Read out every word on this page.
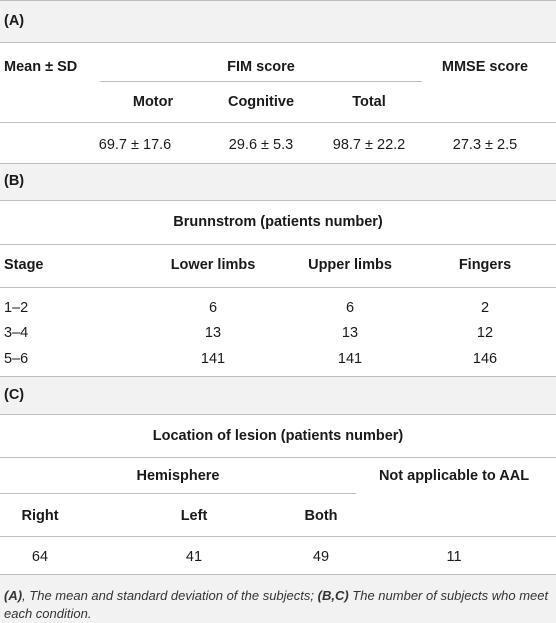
(A)
Mean ± SD	FIM score	MMSE score
Motor	Cognitive	Total
69.7 ± 17.6	29.6 ± 5.3	98.7 ± 22.2	27.3 ± 2.5
(B)
Brunnstrom (patients number)
Stage	Lower limbs	Upper limbs	Fingers
1–2	6	6	2
3–4	13	13	12
5–6	141	141	146
(C)
Location of lesion (patients number)
Hemisphere	Not applicable to AAL
Right	Left	Both
64	41	49	11
(A), The mean and standard deviation of the subjects; (B,C) The number of subjects who meet each condition.
